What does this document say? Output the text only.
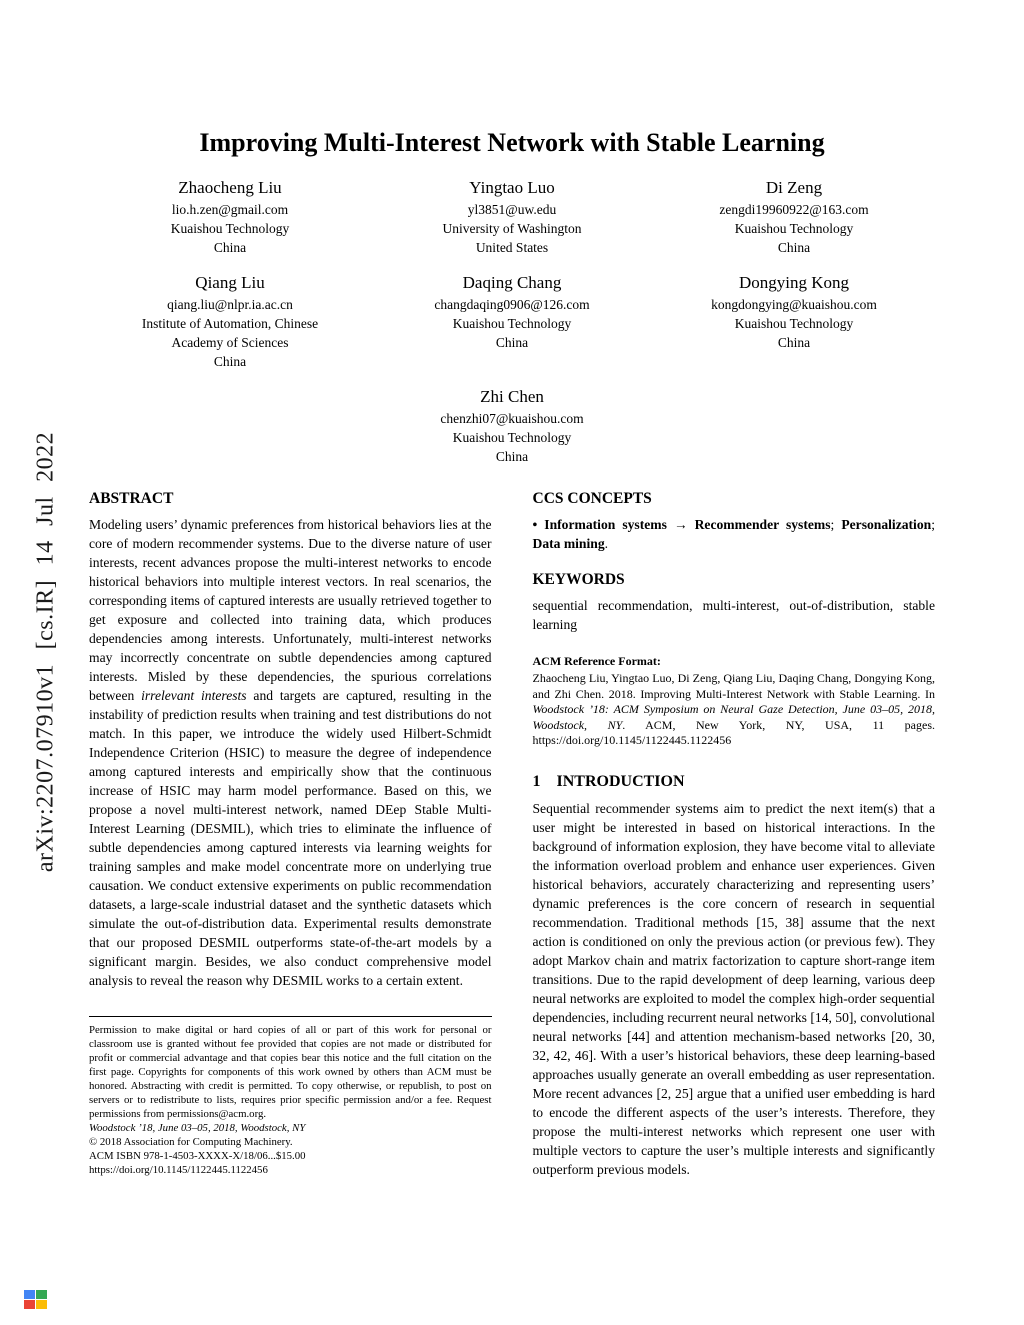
arXiv:2207.07910v1 [cs.IR] 14 Jul 2022
Improving Multi-Interest Network with Stable Learning
Zhaocheng Liu
lio.h.zen@gmail.com
Kuaishou Technology
China
Yingtao Luo
yl3851@uw.edu
University of Washington
United States
Di Zeng
zengdi19960922@163.com
Kuaishou Technology
China
Qiang Liu
qiang.liu@nlpr.ia.ac.cn
Institute of Automation, Chinese Academy of Sciences
China
Daqing Chang
changdaqing0906@126.com
Kuaishou Technology
China
Dongying Kong
kongdongying@kuaishou.com
Kuaishou Technology
China
Zhi Chen
chenzhi07@kuaishou.com
Kuaishou Technology
China
ABSTRACT

Modeling users’ dynamic preferences from historical behaviors lies at the core of modern recommender systems. Due to the diverse nature of user interests, recent advances propose the multi-interest networks to encode historical behaviors into multiple interest vectors. In real scenarios, the corresponding items of captured interests are usually retrieved together to get exposure and collected into training data, which produces dependencies among interests. Unfortunately, multi-interest networks may incorrectly concentrate on subtle dependencies among captured interests. Misled by these dependencies, the spurious correlations between irrelevant interests and targets are captured, resulting in the instability of prediction results when training and test distributions do not match. In this paper, we introduce the widely used Hilbert-Schmidt Independence Criterion (HSIC) to measure the degree of independence among captured interests and empirically show that the continuous increase of HSIC may harm model performance. Based on this, we propose a novel multi-interest network, named DEep Stable Multi-Interest Learning (DESMIL), which tries to eliminate the influence of subtle dependencies among captured interests via learning weights for training samples and make model concentrate more on underlying true causation. We conduct extensive experiments on public recommendation datasets, a large-scale industrial dataset and the synthetic datasets which simulate the out-of-distribution data. Experimental results demonstrate that our proposed DESMIL outperforms state-of-the-art models by a significant margin. Besides, we also conduct comprehensive model analysis to reveal the reason why DESMIL works to a certain extent.

Permission to make digital or hard copies of all or part of this work for personal or classroom use is granted without fee provided that copies are not made or distributed for profit or commercial advantage and that copies bear this notice and the full citation on the first page. Copyrights for components of this work owned by others than ACM must be honored. Abstracting with credit is permitted. To copy otherwise, or republish, to post on servers or to redistribute to lists, requires prior specific permission and/or a fee. Request permissions from permissions@acm.org.

Woodstock ’18, June 03–05, 2018, Woodstock, NY

© 2018 Association for Computing Machinery.

ACM ISBN 978-1-4503-XXXX-X/18/06...$15.00

https://doi.org/10.1145/1122445.1122456

CCS CONCEPTS

• Information systems → Recommender systems; Personalization; Data mining.

KEYWORDS

sequential recommendation, multi-interest, out-of-distribution, stable learning

ACM Reference Format:

Zhaocheng Liu, Yingtao Luo, Di Zeng, Qiang Liu, Daqing Chang, Dongying Kong, and Zhi Chen. 2018. Improving Multi-Interest Network with Stable Learning. In Woodstock ’18: ACM Symposium on Neural Gaze Detection, June 03–05, 2018, Woodstock, NY. ACM, New York, NY, USA, 11 pages. https://doi.org/10.1145/1122445.1122456

1 INTRODUCTION

Sequential recommender systems aim to predict the next item(s) that a user might be interested in based on historical interactions. In the background of information explosion, they have become vital to alleviate the information overload problem and enhance user experiences. Given historical behaviors, accurately characterizing and representing users’ dynamic preferences is the core concern of research in sequential recommendation. Traditional methods [15, 38] assume that the next action is conditioned on only the previous action (or previous few). They adopt Markov chain and matrix factorization to capture short-range item transitions. Due to the rapid development of deep learning, various deep neural networks are exploited to model the complex high-order sequential dependencies, including recurrent neural networks [14, 50], convolutional neural networks [44] and attention mechanism-based networks [20, 30, 32, 42, 46]. With a user’s historical behaviors, these deep learning-based approaches usually generate an overall embedding as user representation. More recent advances [2, 25] argue that a unified user embedding is hard to encode the different aspects of the user’s interests. Therefore, they propose the multi-interest networks which represent one user with multiple vectors to capture the user’s multiple interests and significantly outperform previous models.
